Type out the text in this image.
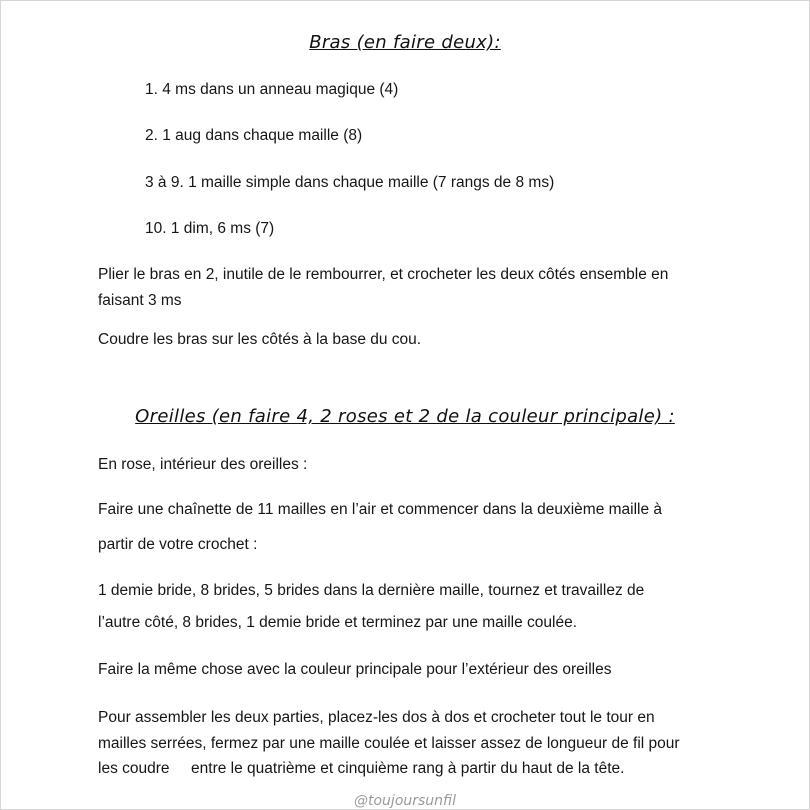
Bras (en faire deux):
1. 4 ms dans un anneau magique (4)
2. 1 aug dans chaque maille (8)
3 à 9. 1 maille simple dans chaque maille (7 rangs de 8 ms)
10. 1 dim, 6 ms (7)
Plier le bras en 2, inutile de le rembourrer, et crocheter les deux côtés ensemble en
faisant 3 ms
Coudre les bras sur les côtés à la base du cou.
Oreilles (en faire 4, 2 roses et 2 de la couleur principale) :
En rose, intérieur des oreilles :
Faire une chaînette de 11 mailles en l’air et commencer dans la deuxième maille à
partir de votre crochet :
1 demie bride, 8 brides, 5 brides dans la dernière maille, tournez et travaillez de
l’autre côté, 8 brides, 1 demie bride et terminez par une maille coulée.
Faire la même chose avec la couleur principale pour l’extérieur des oreilles
Pour assembler les deux parties, placez-les dos à dos et crocheter tout le tour en
mailles serrées, fermez par une maille coulée et laisser assez de longueur de fil pour
les coudre     entre le quatrième et cinquième rang à partir du haut de la tête.
@toujoursunfil
